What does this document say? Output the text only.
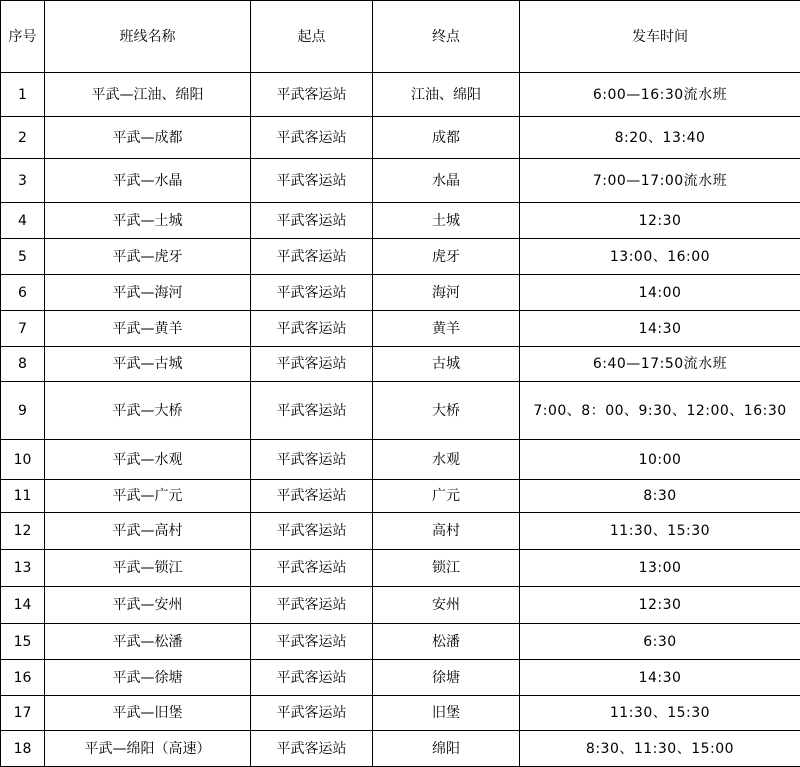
序号	班线名称	起点	终点	发车时间
1	平武—江油、绵阳	平武客运站	江油、绵阳	6:00—16:30流水班
2	平武—成都	平武客运站	成都	8:20、13:40
3	平武—水晶	平武客运站	水晶	7:00—17:00流水班
4	平武—土城	平武客运站	土城	12:30
5	平武—虎牙	平武客运站	虎牙	13:00、16:00
6	平武—海河	平武客运站	海河	14:00
7	平武—黄羊	平武客运站	黄羊	14:30
8	平武—古城	平武客运站	古城	6:40—17:50流水班
9	平武—大桥	平武客运站	大桥	7:00、8：00、9:30、12:00、16:30
10	平武—水观	平武客运站	水观	10:00
11	平武—广元	平武客运站	广元	8:30
12	平武—高村	平武客运站	高村	11:30、15:30
13	平武—锁江	平武客运站	锁江	13:00
14	平武—安州	平武客运站	安州	12:30
15	平武—松潘	平武客运站	松潘	6:30
16	平武—徐塘	平武客运站	徐塘	14:30
17	平武—旧堡	平武客运站	旧堡	11:30、15:30
18	平武—绵阳（高速）	平武客运站	绵阳	8:30、11:30、15:00
